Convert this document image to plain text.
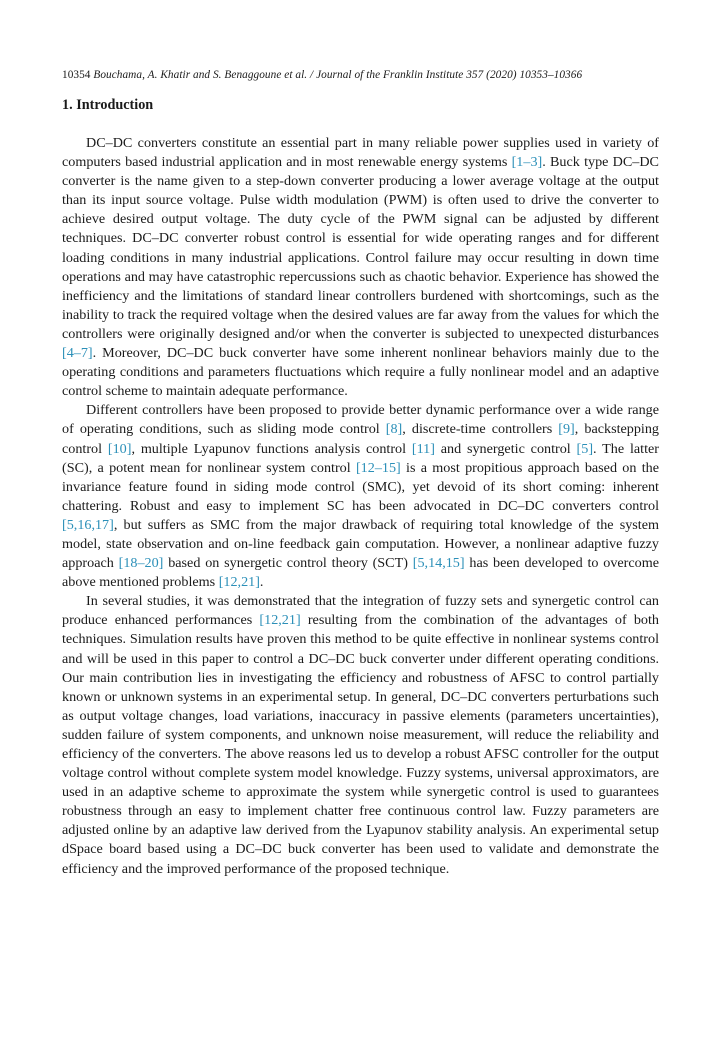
10354 Bouchama, A. Khatir and S. Benaggoune et al. / Journal of the Franklin Institute 357 (2020) 10353–10366
1. Introduction

DC–DC converters constitute an essential part in many reliable power supplies used in variety of computers based industrial application and in most renewable energy systems [1–3]. Buck type DC–DC converter is the name given to a step-down converter producing a lower average voltage at the output than its input source voltage. Pulse width modulation (PWM) is often used to drive the converter to achieve desired output voltage. The duty cycle of the PWM signal can be adjusted by different techniques. DC–DC converter robust control is essential for wide operating ranges and for different loading conditions in many industrial applications. Control failure may occur resulting in down time operations and may have catastrophic repercussions such as chaotic behavior. Experience has showed the inefficiency and the limitations of standard linear controllers burdened with shortcomings, such as the inability to track the required voltage when the desired values are far away from the values for which the controllers were originally designed and/or when the converter is subjected to unexpected disturbances [4–7]. Moreover, DC–DC buck converter have some inherent nonlinear behaviors mainly due to the operating conditions and parameters fluctuations which require a fully nonlinear model and an adaptive control scheme to maintain adequate performance.

Different controllers have been proposed to provide better dynamic performance over a wide range of operating conditions, such as sliding mode control [8], discrete-time controllers [9], backstepping control [10], multiple Lyapunov functions analysis control [11] and synergetic control [5]. The latter (SC), a potent mean for nonlinear system control [12–15] is a most propitious approach based on the invariance feature found in siding mode control (SMC), yet devoid of its short coming: inherent chattering. Robust and easy to implement SC has been advocated in DC–DC converters control [5,16,17], but suffers as SMC from the major drawback of requiring total knowledge of the system model, state observation and on-line feedback gain computation. However, a nonlinear adaptive fuzzy approach [18–20] based on synergetic control theory (SCT) [5,14,15] has been developed to overcome above mentioned problems [12,21].

In several studies, it was demonstrated that the integration of fuzzy sets and synergetic control can produce enhanced performances [12,21] resulting from the combination of the advantages of both techniques. Simulation results have proven this method to be quite effective in nonlinear systems control and will be used in this paper to control a DC–DC buck converter under different operating conditions. Our main contribution lies in investigating the efficiency and robustness of AFSC to control partially known or unknown systems in an experimental setup. In general, DC–DC converters perturbations such as output voltage changes, load variations, inaccuracy in passive elements (parameters uncertainties), sudden failure of system components, and unknown noise measurement, will reduce the reliability and efficiency of the converters. The above reasons led us to develop a robust AFSC controller for the output voltage control without complete system model knowledge. Fuzzy systems, universal approximators, are used in an adaptive scheme to approximate the system while synergetic control is used to guarantees robustness through an easy to implement chatter free continuous control law. Fuzzy parameters are adjusted online by an adaptive law derived from the Lyapunov stability analysis. An experimental setup dSpace board based using a DC–DC buck converter has been used to validate and demonstrate the efficiency and the improved performance of the proposed technique.
